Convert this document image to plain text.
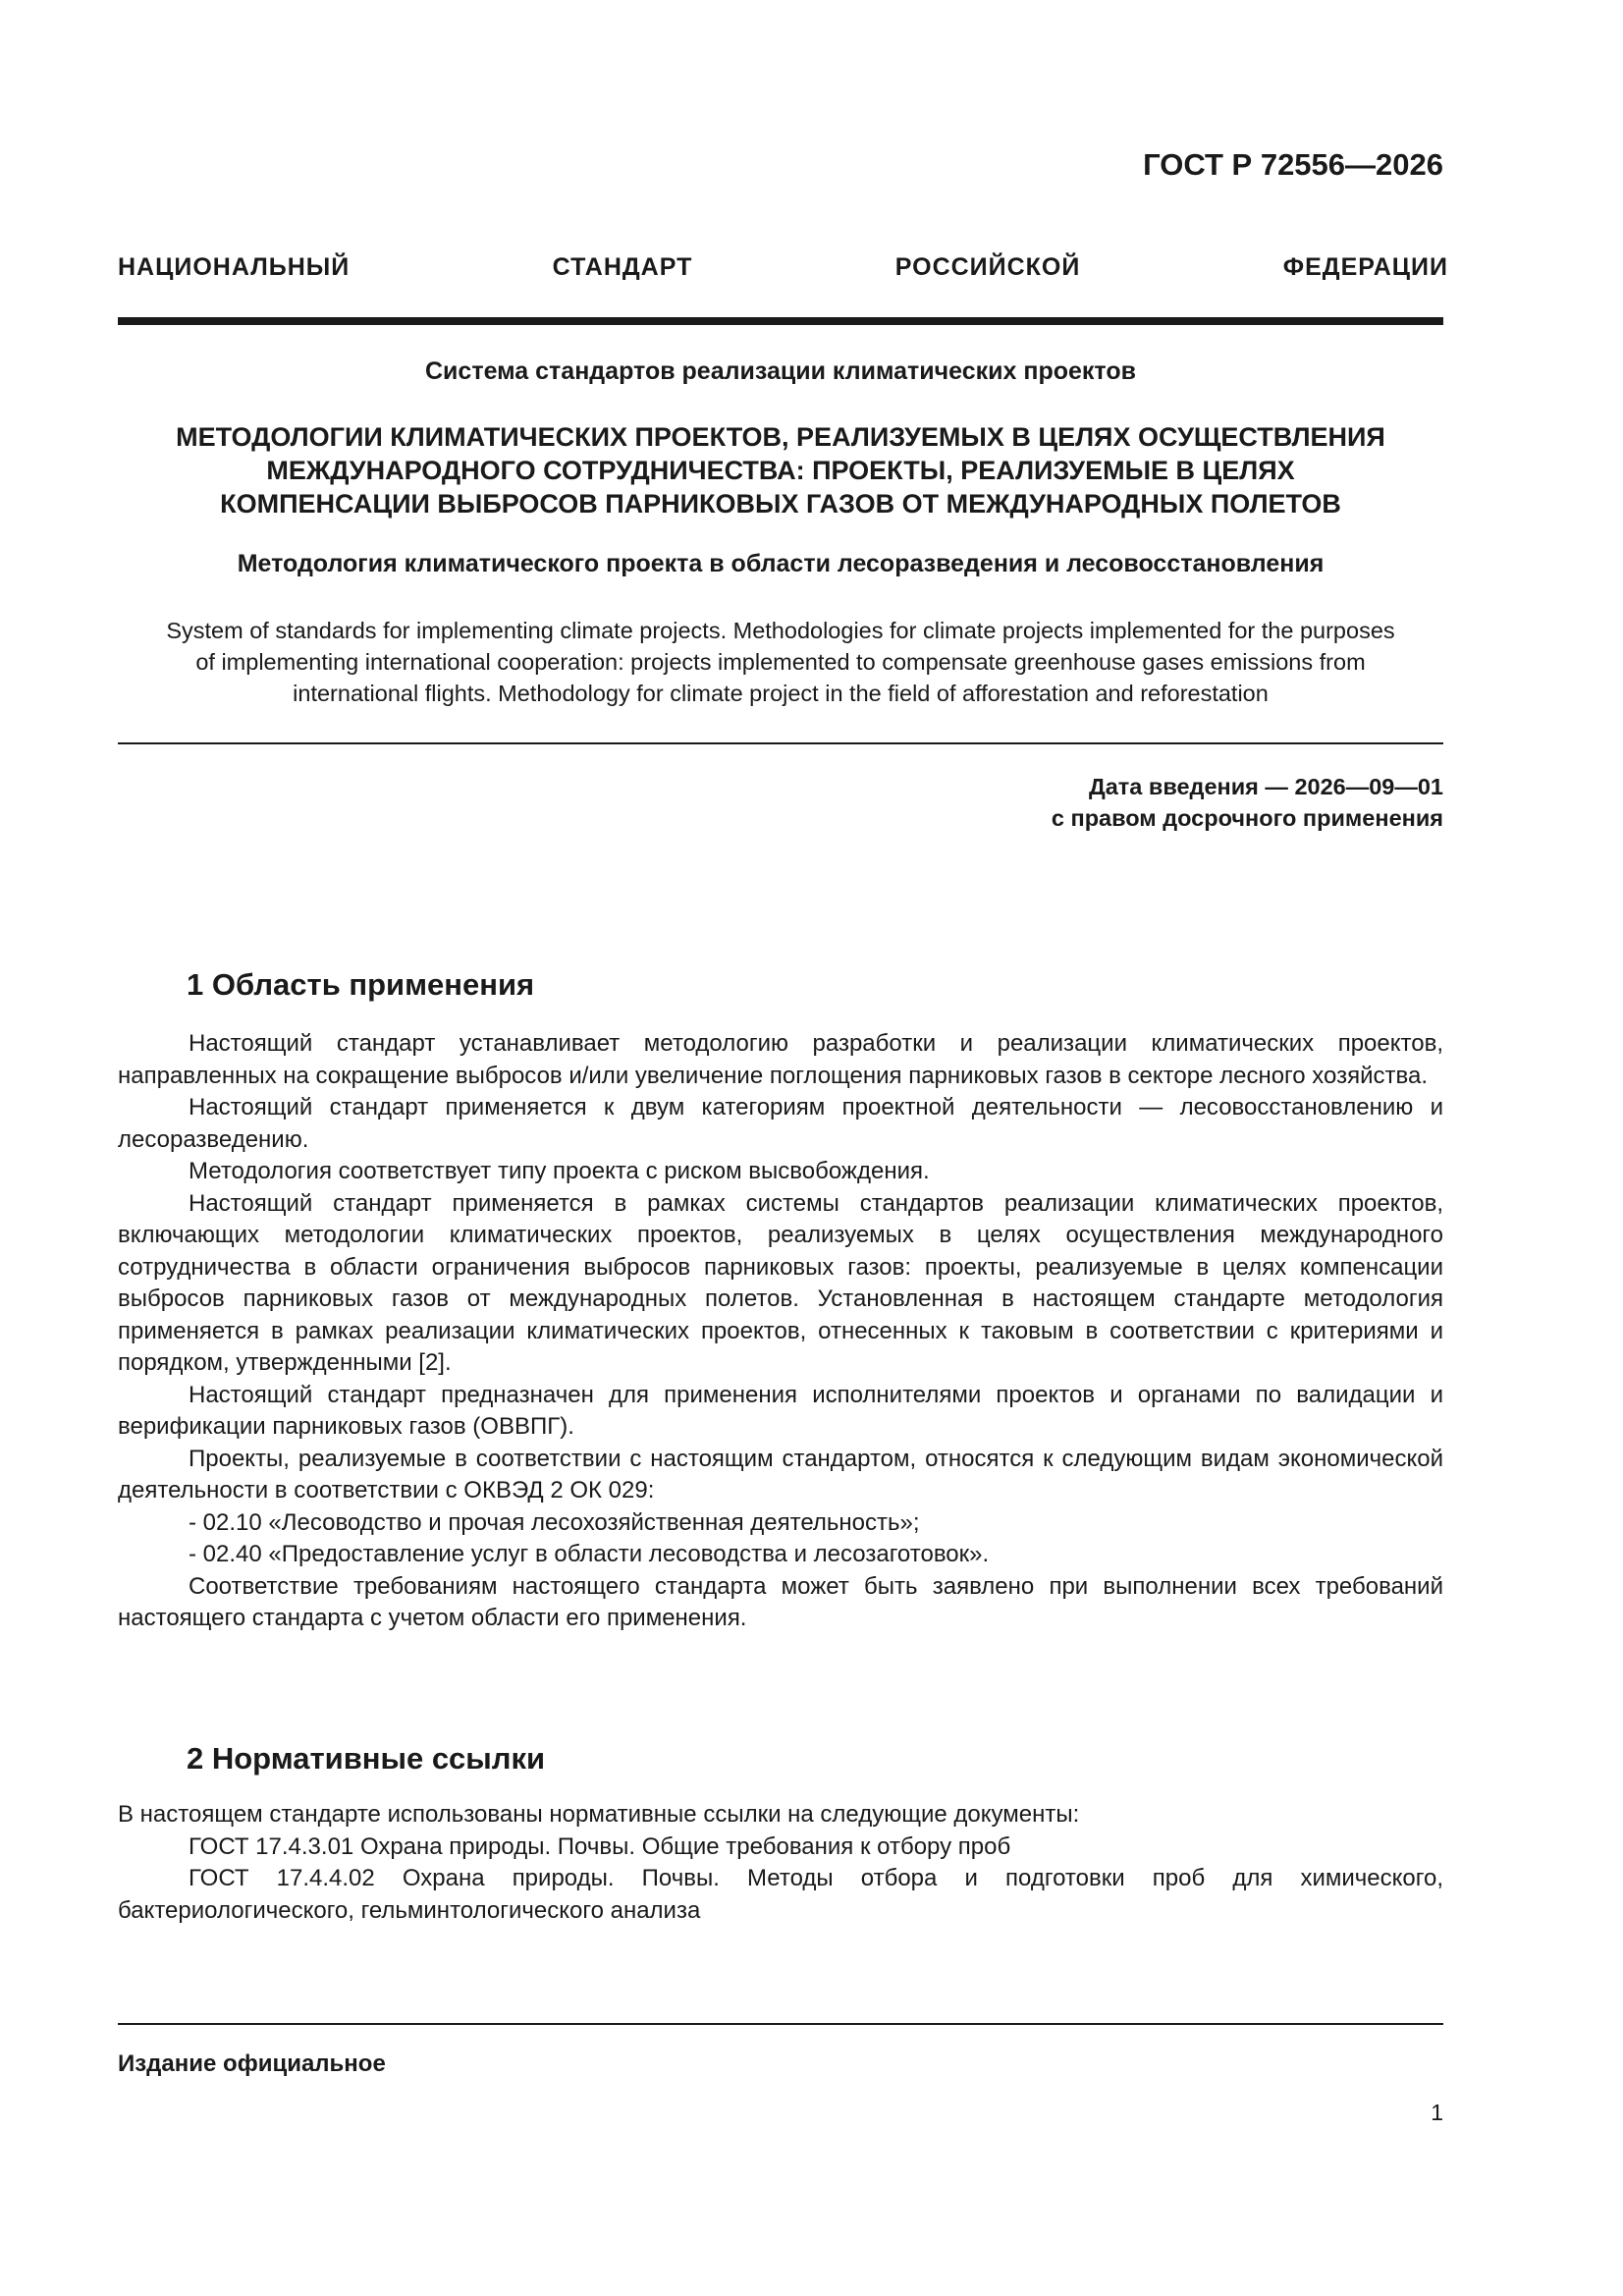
ГОСТ Р 72556—2026
НАЦИОНАЛЬНЫЙ СТАНДАРТ РОССИЙСКОЙ ФЕДЕРАЦИИ
Система стандартов реализации климатических проектов
МЕТОДОЛОГИИ КЛИМАТИЧЕСКИХ ПРОЕКТОВ, РЕАЛИЗУЕМЫХ В ЦЕЛЯХ ОСУЩЕСТВЛЕНИЯ
МЕЖДУНАРОДНОГО СОТРУДНИЧЕСТВА: ПРОЕКТЫ, РЕАЛИЗУЕМЫЕ В ЦЕЛЯХ
КОМПЕНСАЦИИ ВЫБРОСОВ ПАРНИКОВЫХ ГАЗОВ ОТ МЕЖДУНАРОДНЫХ ПОЛЕТОВ
Методология климатического проекта в области лесоразведения и лесовосстановления
System of standards for implementing climate projects. Methodologies for climate projects implemented for the purposes
of implementing international cooperation: projects implemented to compensate greenhouse gases emissions from
international flights. Methodology for climate project in the field of afforestation and reforestation
Дата введения — 2026—09—01
с правом досрочного применения
1 Область применения

Настоящий стандарт устанавливает методологию разработки и реализации климатических проектов, направленных на сокращение выбросов и/или увеличение поглощения парниковых газов в секторе лесного хозяйства.

Настоящий стандарт применяется к двум категориям проектной деятельности — лесовосстановлению и лесоразведению.

Методология соответствует типу проекта с риском высвобождения.

Настоящий стандарт применяется в рамках системы стандартов реализации климатических проектов, включающих методологии климатических проектов, реализуемых в целях осуществления международного сотрудничества в области ограничения выбросов парниковых газов: проекты, реализуемые в целях компенсации выбросов парниковых газов от международных полетов. Установленная в настоящем стандарте методология применяется в рамках реализации климатических проектов, отнесенных к таковым в соответствии с критериями и порядком, утвержденными [2].

Настоящий стандарт предназначен для применения исполнителями проектов и органами по валидации и верификации парниковых газов (ОВВПГ).

Проекты, реализуемые в соответствии с настоящим стандартом, относятся к следующим видам экономической деятельности в соответствии с ОКВЭД 2 ОК 029:

- 02.10 «Лесоводство и прочая лесохозяйственная деятельность»;

- 02.40 «Предоставление услуг в области лесоводства и лесозаготовок».

Соответствие требованиям настоящего стандарта может быть заявлено при выполнении всех требований настоящего стандарта с учетом области его применения.

2 Нормативные ссылки

В настоящем стандарте использованы нормативные ссылки на следующие документы:

ГОСТ 17.4.3.01 Охрана природы. Почвы. Общие требования к отбору проб

ГОСТ 17.4.4.02 Охрана природы. Почвы. Методы отбора и подготовки проб для химического, бактериологического, гельминтологического анализа

Издание официальное
1
